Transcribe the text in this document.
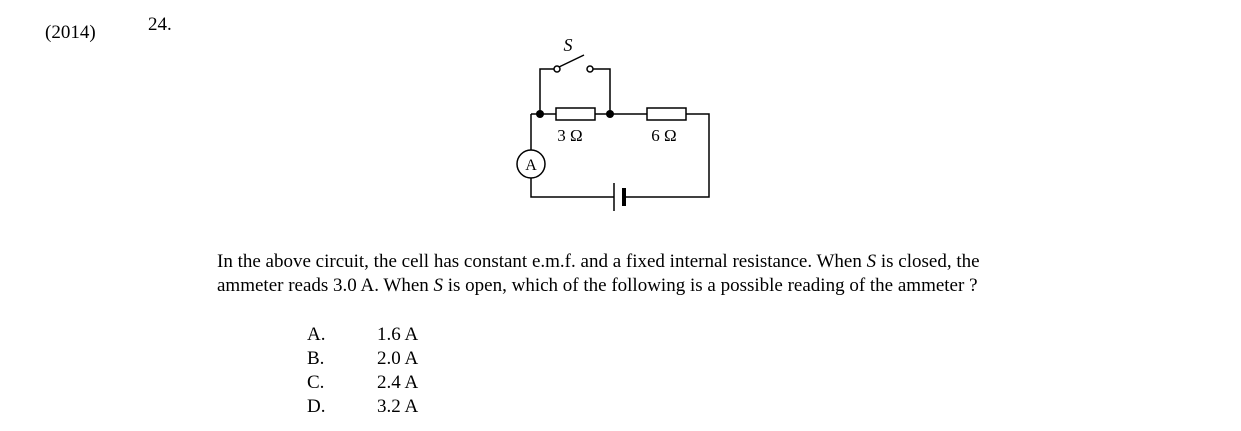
(2014)	24.
S
3 Ω	6 Ω
A
In the above circuit, the cell has constant e.m.f. and a fixed internal resistance. When S is closed, the
ammeter reads 3.0 A. When S is open, which of the following is a possible reading of the ammeter ?
A.	1.6 A
B.	2.0 A
C.	2.4 A
D.	3.2 A
